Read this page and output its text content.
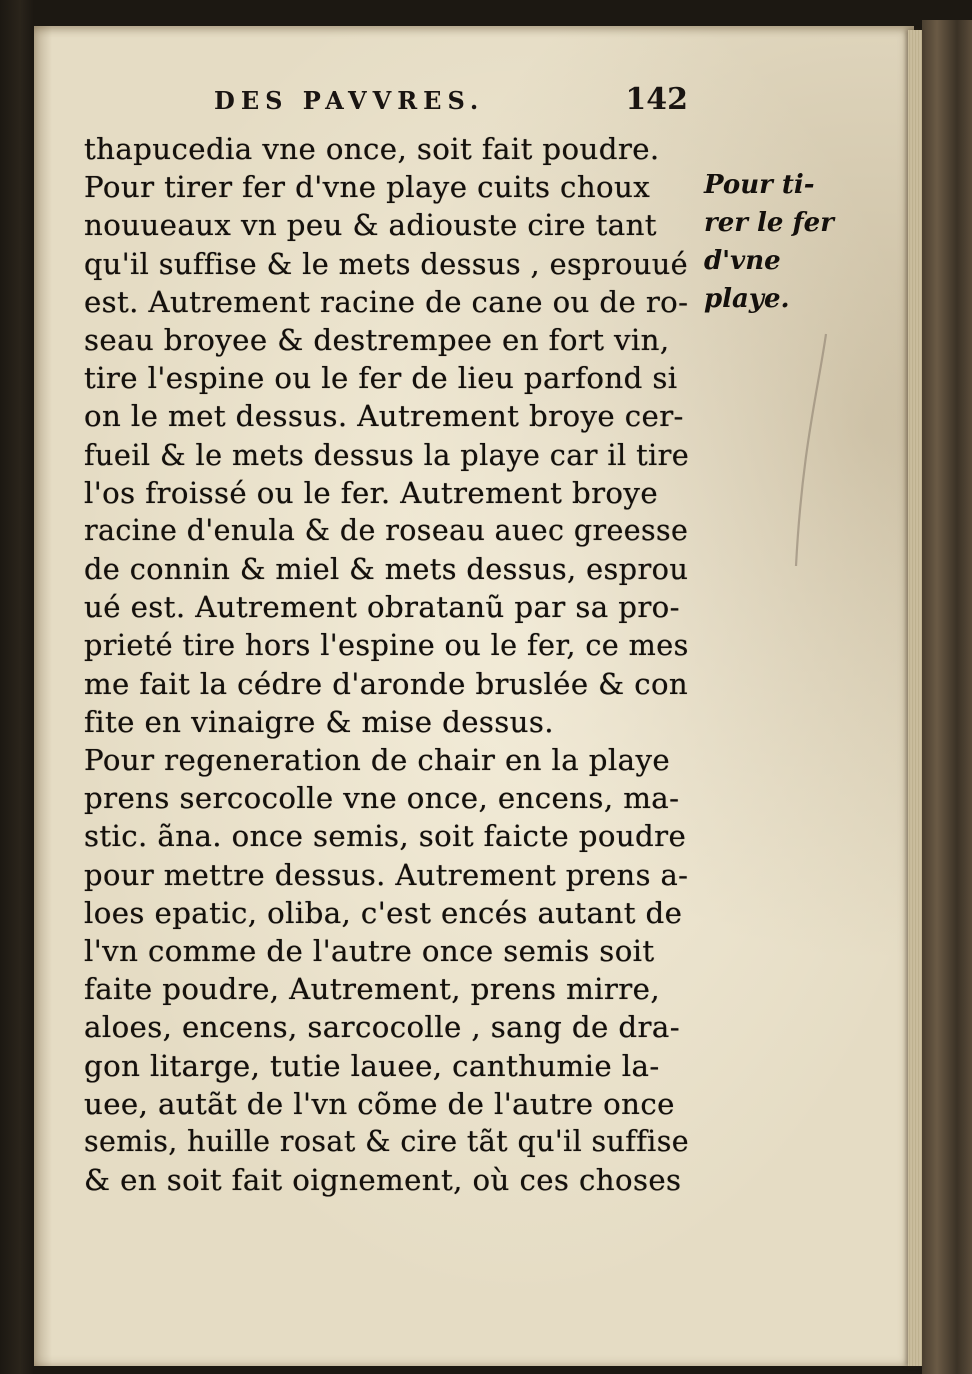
DES PAVVRES.	142
thapucedia vne once, soit fait poudre.
Pour tirer fer d'vne playe cuits choux
nouueaux vn peu & adiouste cire tant
qu'il suffise & le mets dessus , esprouué
est. Autrement racine de cane ou de ro-
seau broyee & destrempee en fort vin,
tire l'espine ou le fer de lieu parfond si
on le met dessus. Autrement broye cer-
fueil & le mets dessus la playe car il tire
l'os froissé ou le fer. Autrement broye
racine d'enula & de roseau auec greesse
de connin & miel & mets dessus, esprou
ué est. Autrement obratanũ par sa pro-
prieté tire hors l'espine ou le fer, ce mes
me fait la cédre d'aronde bruslée & con
fite en vinaigre & mise dessus.
Pour regeneration de chair en la playe
prens sercocolle vne once, encens, ma-
stic. ãna. once semis, soit faicte poudre
pour mettre dessus. Autrement prens a-
loes epatic, oliba, c'est encés autant de
l'vn comme de l'autre once semis soit
faite poudre, Autrement, prens mirre,
aloes, encens, sarcocolle , sang de dra-
gon litarge, tutie lauee, canthumie la-
uee, autãt de l'vn cõme de l'autre once
semis, huille rosat & cire tãt qu'il suffise
& en soit fait oignement, où ces choses
Pour ti-
rer le fer
d'vne
playe.
